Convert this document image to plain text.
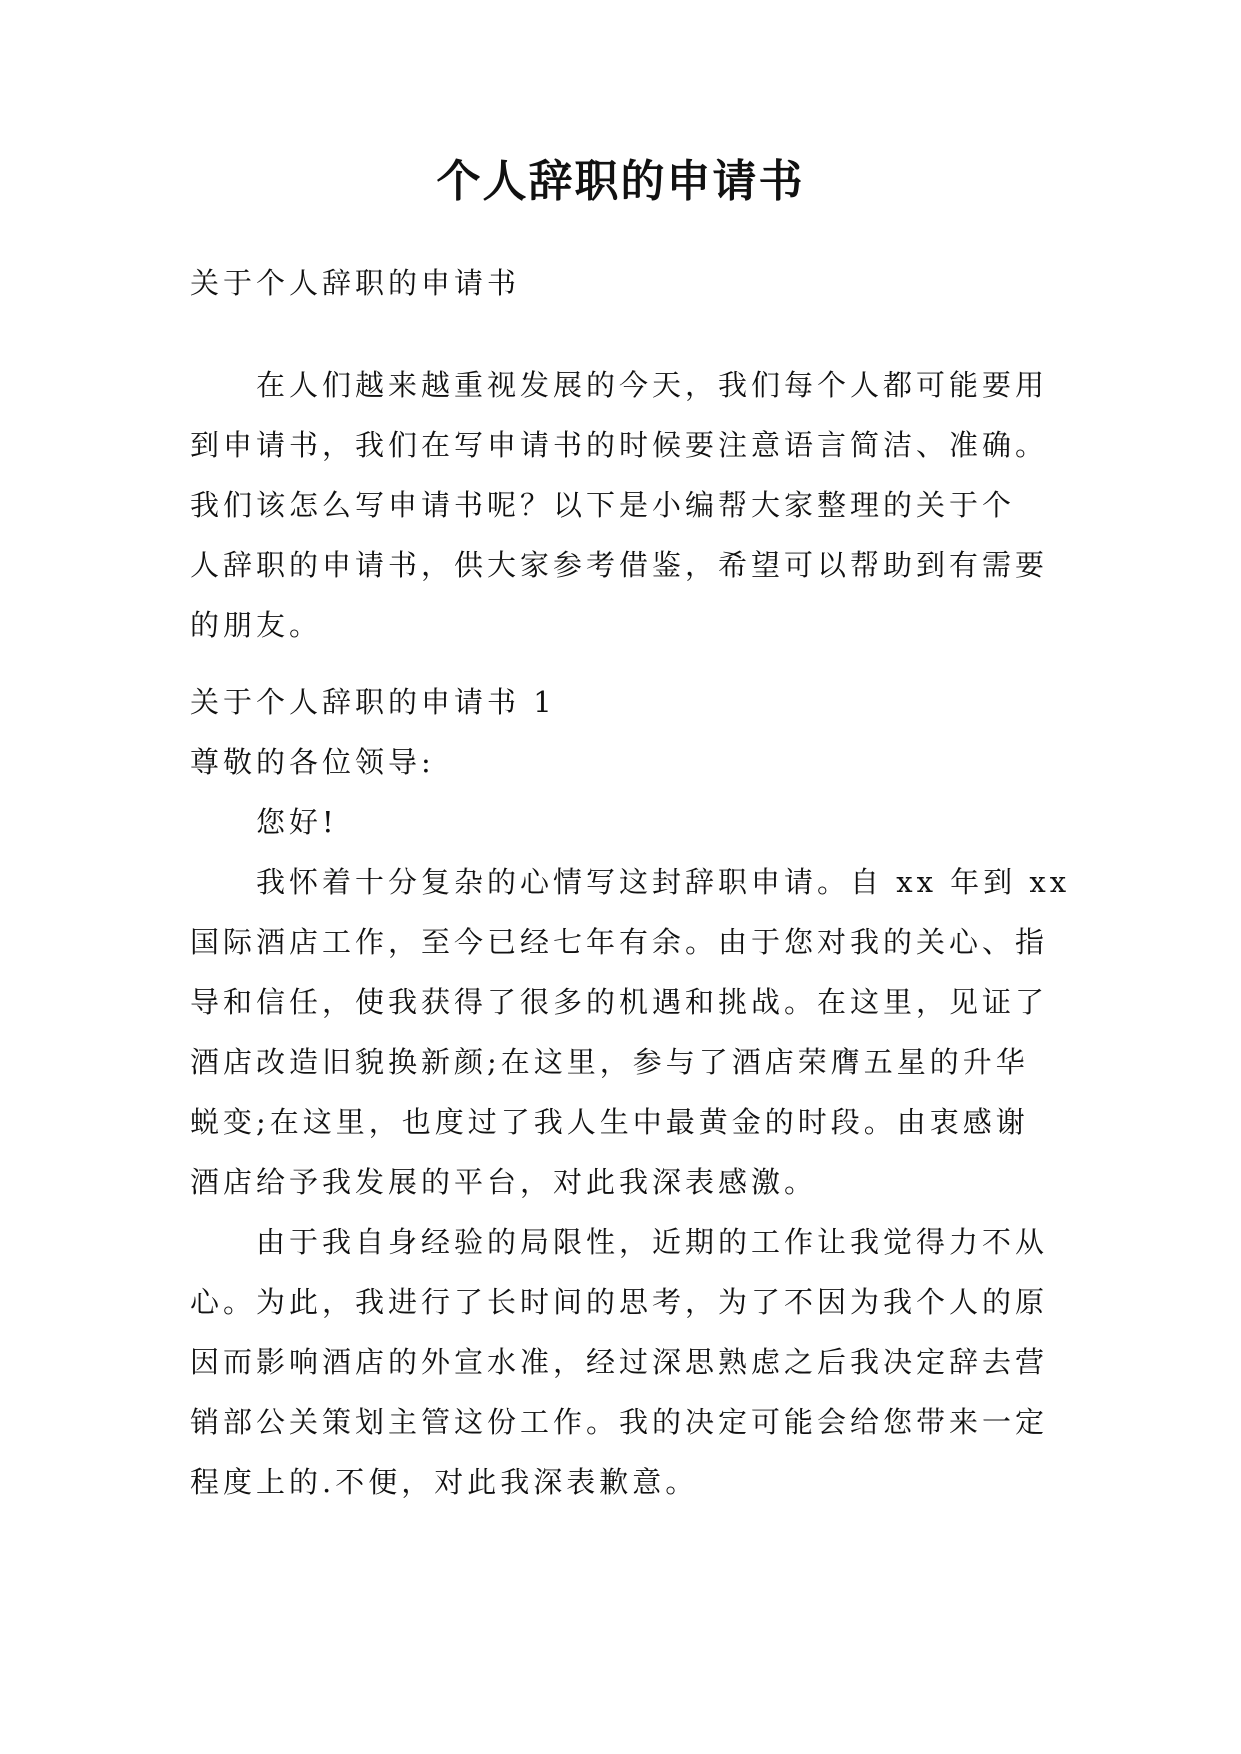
个人辞职的申请书
关于个人辞职的申请书
在人们越来越重视发展的今天，我们每个人都可能要用
到申请书，我们在写申请书的时候要注意语言简洁、准确。
我们该怎么写申请书呢？以下是小编帮大家整理的关于个
人辞职的申请书，供大家参考借鉴，希望可以帮助到有需要
的朋友。
关于个人辞职的申请书 1
尊敬的各位领导:
您好!
我怀着十分复杂的心情写这封辞职申请。自 xx 年到 xx
国际酒店工作，至今已经七年有余。由于您对我的关心、指
导和信任，使我获得了很多的机遇和挑战。在这里，见证了
酒店改造旧貌换新颜;在这里，参与了酒店荣膺五星的升华
蜕变;在这里，也度过了我人生中最黄金的时段。由衷感谢
酒店给予我发展的平台，对此我深表感激。
由于我自身经验的局限性，近期的工作让我觉得力不从
心。为此，我进行了长时间的思考，为了不因为我个人的原
因而影响酒店的外宣水准，经过深思熟虑之后我决定辞去营
销部公关策划主管这份工作。我的决定可能会给您带来一定
程度上的.不便，对此我深表歉意。
